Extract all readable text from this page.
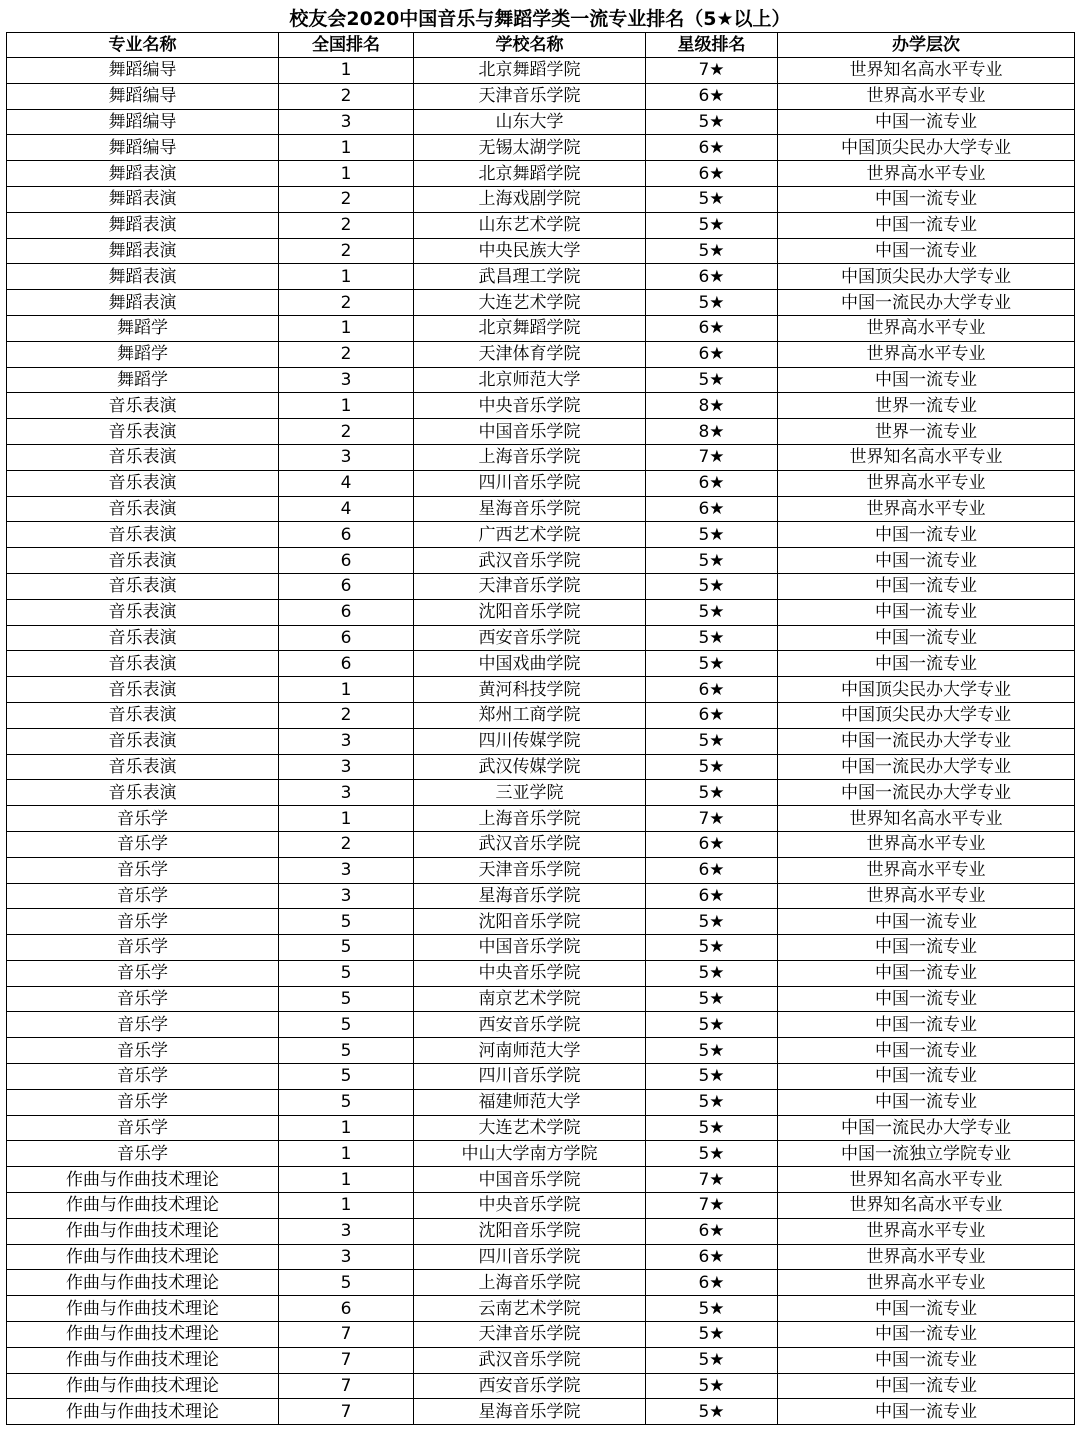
校友会2020中国音乐与舞蹈学类一流专业排名（5★以上）
专业名称	全国排名	学校名称	星级排名	办学层次
舞蹈编导	1	北京舞蹈学院	7★	世界知名高水平专业
舞蹈编导	2	天津音乐学院	6★	世界高水平专业
舞蹈编导	3	山东大学	5★	中国一流专业
舞蹈编导	1	无锡太湖学院	6★	中国顶尖民办大学专业
舞蹈表演	1	北京舞蹈学院	6★	世界高水平专业
舞蹈表演	2	上海戏剧学院	5★	中国一流专业
舞蹈表演	2	山东艺术学院	5★	中国一流专业
舞蹈表演	2	中央民族大学	5★	中国一流专业
舞蹈表演	1	武昌理工学院	6★	中国顶尖民办大学专业
舞蹈表演	2	大连艺术学院	5★	中国一流民办大学专业
舞蹈学	1	北京舞蹈学院	6★	世界高水平专业
舞蹈学	2	天津体育学院	6★	世界高水平专业
舞蹈学	3	北京师范大学	5★	中国一流专业
音乐表演	1	中央音乐学院	8★	世界一流专业
音乐表演	2	中国音乐学院	8★	世界一流专业
音乐表演	3	上海音乐学院	7★	世界知名高水平专业
音乐表演	4	四川音乐学院	6★	世界高水平专业
音乐表演	4	星海音乐学院	6★	世界高水平专业
音乐表演	6	广西艺术学院	5★	中国一流专业
音乐表演	6	武汉音乐学院	5★	中国一流专业
音乐表演	6	天津音乐学院	5★	中国一流专业
音乐表演	6	沈阳音乐学院	5★	中国一流专业
音乐表演	6	西安音乐学院	5★	中国一流专业
音乐表演	6	中国戏曲学院	5★	中国一流专业
音乐表演	1	黄河科技学院	6★	中国顶尖民办大学专业
音乐表演	2	郑州工商学院	6★	中国顶尖民办大学专业
音乐表演	3	四川传媒学院	5★	中国一流民办大学专业
音乐表演	3	武汉传媒学院	5★	中国一流民办大学专业
音乐表演	3	三亚学院	5★	中国一流民办大学专业
音乐学	1	上海音乐学院	7★	世界知名高水平专业
音乐学	2	武汉音乐学院	6★	世界高水平专业
音乐学	3	天津音乐学院	6★	世界高水平专业
音乐学	3	星海音乐学院	6★	世界高水平专业
音乐学	5	沈阳音乐学院	5★	中国一流专业
音乐学	5	中国音乐学院	5★	中国一流专业
音乐学	5	中央音乐学院	5★	中国一流专业
音乐学	5	南京艺术学院	5★	中国一流专业
音乐学	5	西安音乐学院	5★	中国一流专业
音乐学	5	河南师范大学	5★	中国一流专业
音乐学	5	四川音乐学院	5★	中国一流专业
音乐学	5	福建师范大学	5★	中国一流专业
音乐学	1	大连艺术学院	5★	中国一流民办大学专业
音乐学	1	中山大学南方学院	5★	中国一流独立学院专业
作曲与作曲技术理论	1	中国音乐学院	7★	世界知名高水平专业
作曲与作曲技术理论	1	中央音乐学院	7★	世界知名高水平专业
作曲与作曲技术理论	3	沈阳音乐学院	6★	世界高水平专业
作曲与作曲技术理论	3	四川音乐学院	6★	世界高水平专业
作曲与作曲技术理论	5	上海音乐学院	6★	世界高水平专业
作曲与作曲技术理论	6	云南艺术学院	5★	中国一流专业
作曲与作曲技术理论	7	天津音乐学院	5★	中国一流专业
作曲与作曲技术理论	7	武汉音乐学院	5★	中国一流专业
作曲与作曲技术理论	7	西安音乐学院	5★	中国一流专业
作曲与作曲技术理论	7	星海音乐学院	5★	中国一流专业
